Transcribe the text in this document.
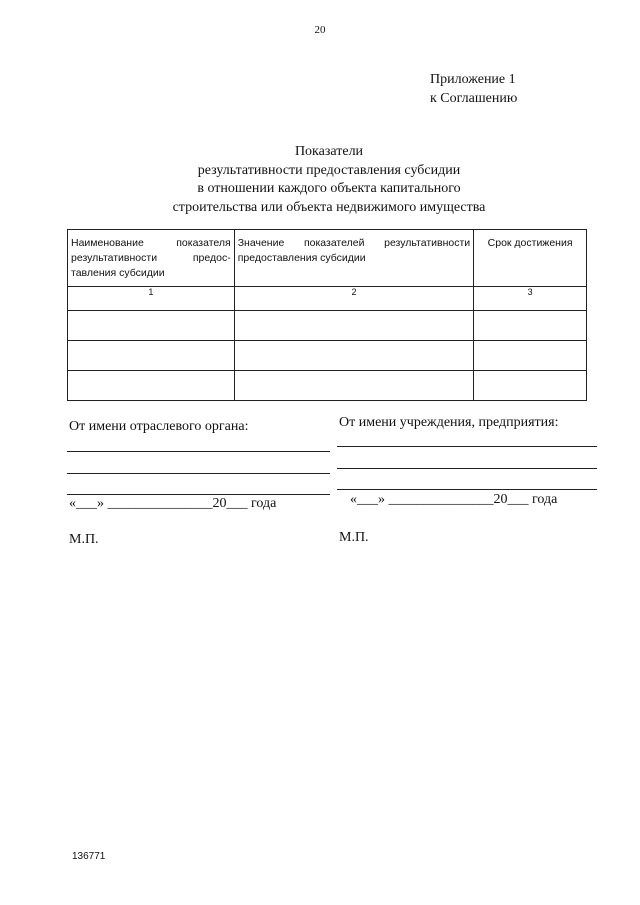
20
Приложение 1
к Соглашению
Показатели
результативности предоставления субсидии
в отношении каждого объекта капитального
строительства или объекта недвижимого имущества
Наименование показателя результативности предос-тавления субсидии	Значение показателей результативности предоставления субсидии	Срок достижения
1	2	3

От имени отраслевого органа:
«___» _______________20___ года
М.П.
От имени учреждения, предприятия:
«___» _______________20___ года
М.П.
136771
